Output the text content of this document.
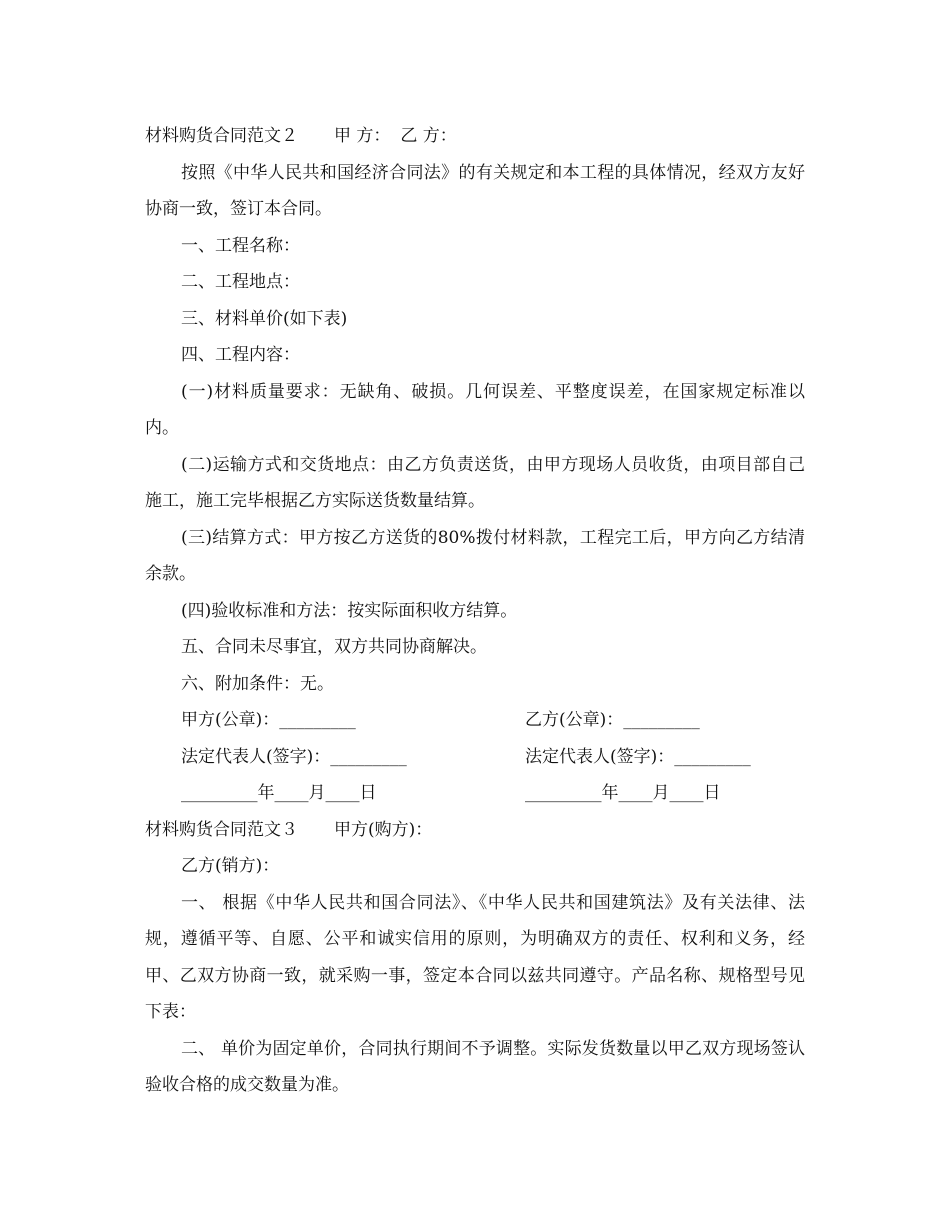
材料购货合同范文２ 甲 方： 乙 方：

按照《中华人民共和国经济合同法》的有关规定和本工程的具体情况，经双方友好协商一致，签订本合同。

一、工程名称：

二、工程地点：

三、材料单价(如下表)

四、工程内容：

(一)材料质量要求：无缺角、破损。几何误差、平整度误差，在国家规定标准以内。

(二)运输方式和交货地点：由乙方负责送货，由甲方现场人员收货，由项目部自己施工，施工完毕根据乙方实际送货数量结算。

(三)结算方式：甲方按乙方送货的80%拨付材料款，工程完工后，甲方向乙方结清余款。

(四)验收标准和方法：按实际面积收方结算。

五、合同未尽事宜，双方共同协商解决。

六、附加条件：无。

甲方(公章)：_________	乙方(公章)：_________
法定代表人(签字)：_________	法定代表人(签字)：_________
_________年____月____日	_________年____月____日

材料购货合同范文３ 甲方(购方)：

乙方(销方)：

一、 根据《中华人民共和国合同法》、《中华人民共和国建筑法》及有关法律、法规，遵循平等、自愿、公平和诚实信用的原则，为明确双方的责任、权利和义务，经甲、乙双方协商一致，就采购一事，签定本合同以兹共同遵守。产品名称、规格型号见下表：

二、 单价为固定单价，合同执行期间不予调整。实际发货数量以甲乙双方现场签认验收合格的成交数量为准。
